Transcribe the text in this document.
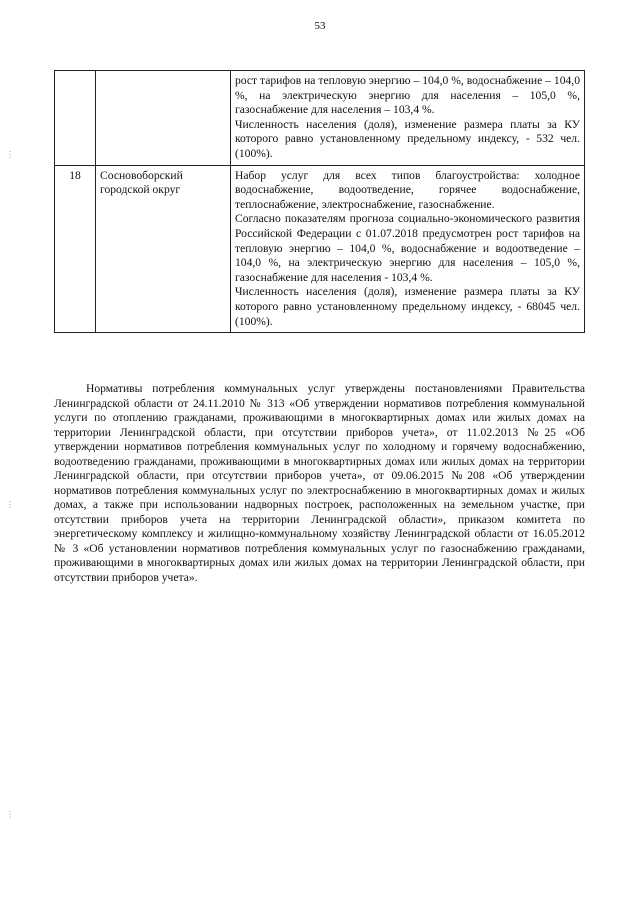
53

		рост тарифов на тепловую энергию – 104,0 %, водоснабжение – 104,0 %, на электрическую энергию для населения – 105,0 %, газоснабжение для населения – 103,4 %.

Численность населения (доля), изменение размера платы за КУ которого равно установленному предельному индексу, - 532 чел. (100%).

18	Сосновоборский городской округ	Набор услуг для всех типов благоустройства: холодное водоснабжение, водоотведение, горячее водоснабжение, теплоснабжение, электроснабжение, газоснабжение.

Согласно показателям прогноза социально-экономического развития Российской Федерации с 01.07.2018 предусмотрен рост тарифов на тепловую энергию – 104,0 %, водоснабжение и водоотведение – 104,0 %, на электрическую энергию для населения – 105,0 %, газоснабжение для населения - 103,4 %.

Численность населения (доля), изменение размера платы за КУ которого равно установленному предельному индексу, - 68045 чел. (100%).

Нормативы потребления коммунальных услуг утверждены постановлениями Правительства Ленинградской области от 24.11.2010 № 313 «Об утверждении нормативов потребления коммунальной услуги по отоплению гражданами, проживающими в многоквартирных домах или жилых домах на территории Ленинградской области, при отсутствии приборов учета», от 11.02.2013 №25 «Об утверждении нормативов потребления коммунальных услуг по холодному и горячему водоснабжению, водоотведению гражданами, проживающими в многоквартирных домах или жилых домах на территории Ленинградской области, при отсутствии приборов учета», от 09.06.2015 №208 «Об утверждении нормативов потребления коммунальных услуг по электроснабжению в многоквартирных домах и жилых домах, а также при использовании надворных построек, расположенных на земельном участке, при отсутствии приборов учета на территории Ленинградской области», приказом комитета по энергетическому комплексу и жилищно-коммунальному хозяйству Ленинградской области от 16.05.2012 № 3 «Об установлении нормативов потребления коммунальных услуг по газоснабжению гражданами, проживающими в многоквартирных домах или жилых домах на территории Ленинградской области, при отсутствии приборов учета».

⋮
⋮
⋮
